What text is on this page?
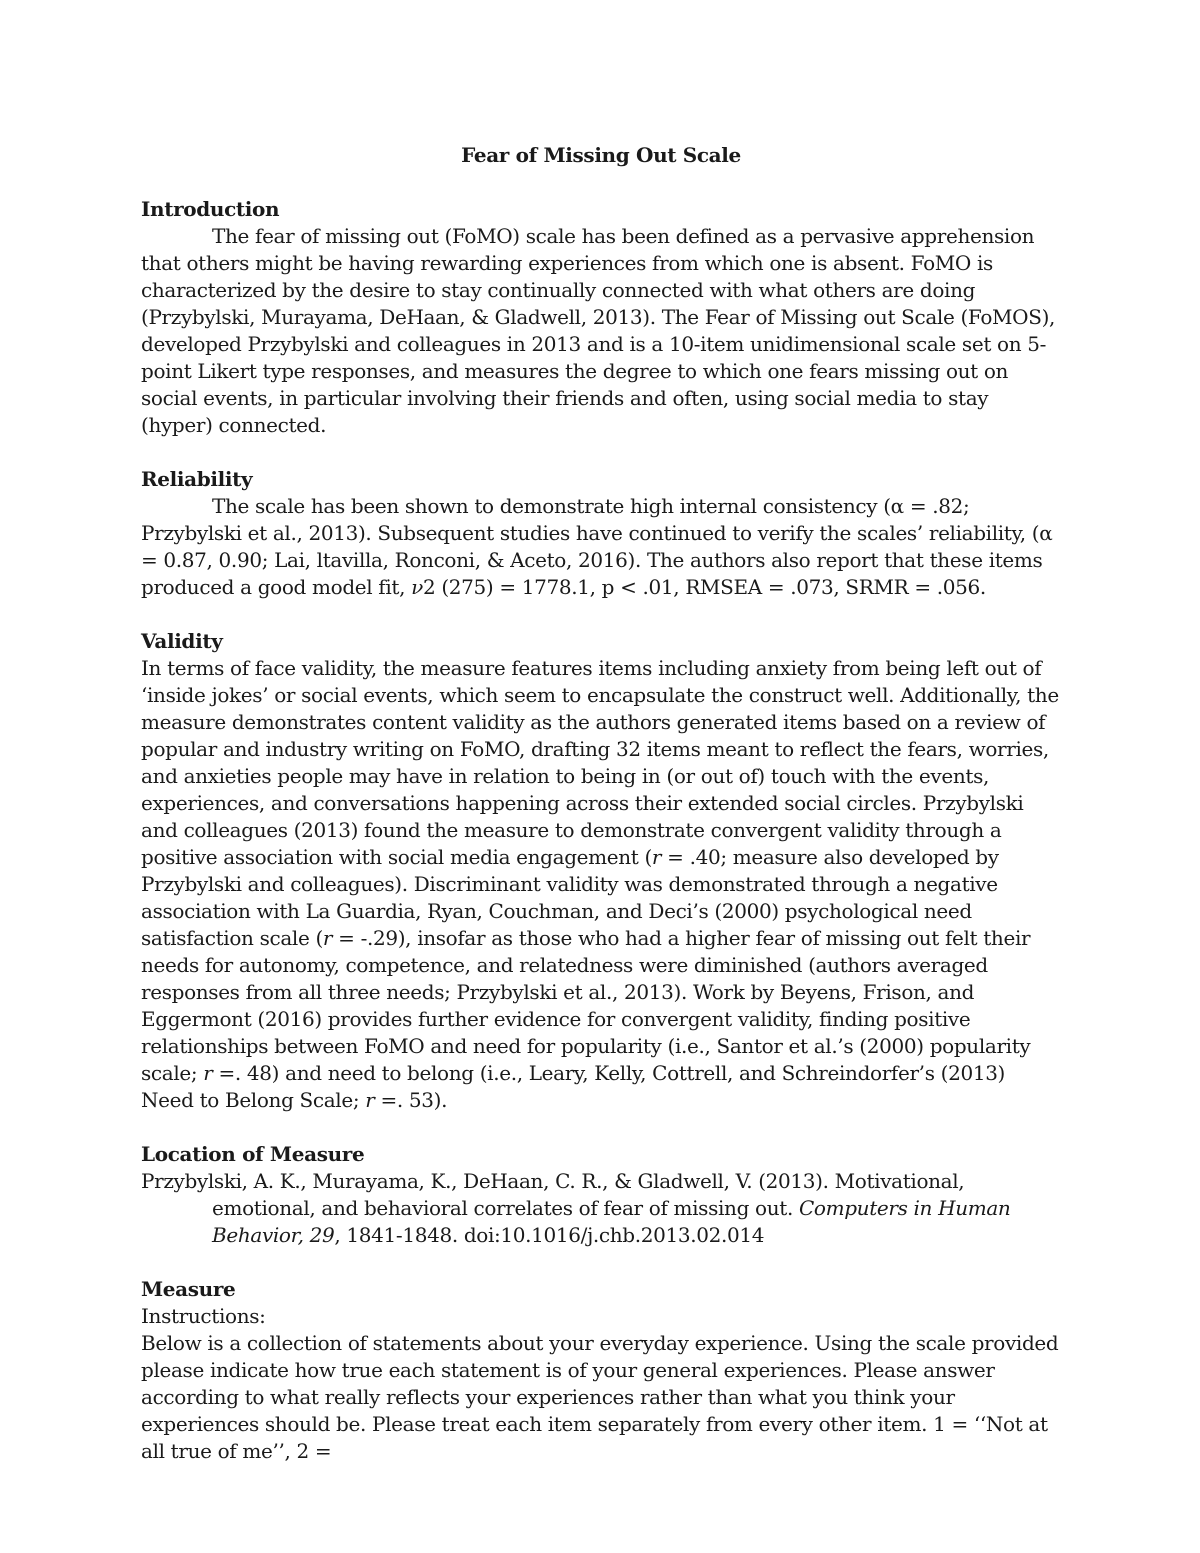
Fear of Missing Out Scale

Introduction

The fear of missing out (FoMO) scale has been defined as a pervasive apprehension that others might be having rewarding experiences from which one is absent. FoMO is characterized by the desire to stay continually connected with what others are doing (Przybylski, Murayama, DeHaan, & Gladwell, 2013). The Fear of Missing out Scale (FoMOS), developed Przybylski and colleagues in 2013 and is a 10-item unidimensional scale set on 5-point Likert type responses, and measures the degree to which one fears missing out on social events, in particular involving their friends and often, using social media to stay (hyper) connected.

Reliability

The scale has been shown to demonstrate high internal consistency (α = .82; Przybylski et al., 2013). Subsequent studies have continued to verify the scales’ reliability, (α = 0.87, 0.90; Lai, ltavilla, Ronconi, & Aceto, 2016). The authors also report that these items produced a good model fit, ν2 (275) = 1778.1, p < .01, RMSEA = .073, SRMR = .056.

Validity

In terms of face validity, the measure features items including anxiety from being left out of ‘inside jokes’ or social events, which seem to encapsulate the construct well. Additionally, the measure demonstrates content validity as the authors generated items based on a review of popular and industry writing on FoMO, drafting 32 items meant to reflect the fears, worries, and anxieties people may have in relation to being in (or out of) touch with the events, experiences, and conversations happening across their extended social circles. Przybylski and colleagues (2013) found the measure to demonstrate convergent validity through a positive association with social media engagement (r = .40; measure also developed by Przybylski and colleagues). Discriminant validity was demonstrated through a negative association with La Guardia, Ryan, Couchman, and Deci’s (2000) psychological need satisfaction scale (r = -.29), insofar as those who had a higher fear of missing out felt their needs for autonomy, competence, and relatedness were diminished (authors averaged responses from all three needs; Przybylski et al., 2013). Work by Beyens, Frison, and Eggermont (2016) provides further evidence for convergent validity, finding positive relationships between FoMO and need for popularity (i.e., Santor et al.’s (2000) popularity scale; r =. 48) and need to belong (i.e., Leary, Kelly, Cottrell, and Schreindorfer’s (2013) Need to Belong Scale; r =. 53).

Location of Measure

Przybylski, A. K., Murayama, K., DeHaan, C. R., & Gladwell, V. (2013). Motivational, emotional, and behavioral correlates of fear of missing out. Computers in Human Behavior, 29, 1841-1848. doi:10.1016/j.chb.2013.02.014

Measure

Instructions:

Below is a collection of statements about your everyday experience. Using the scale provided please indicate how true each statement is of your general experiences. Please answer according to what really reflects your experiences rather than what you think your experiences should be. Please treat each item separately from every other item. 1 = ‘‘Not at all true of me’’, 2 =
